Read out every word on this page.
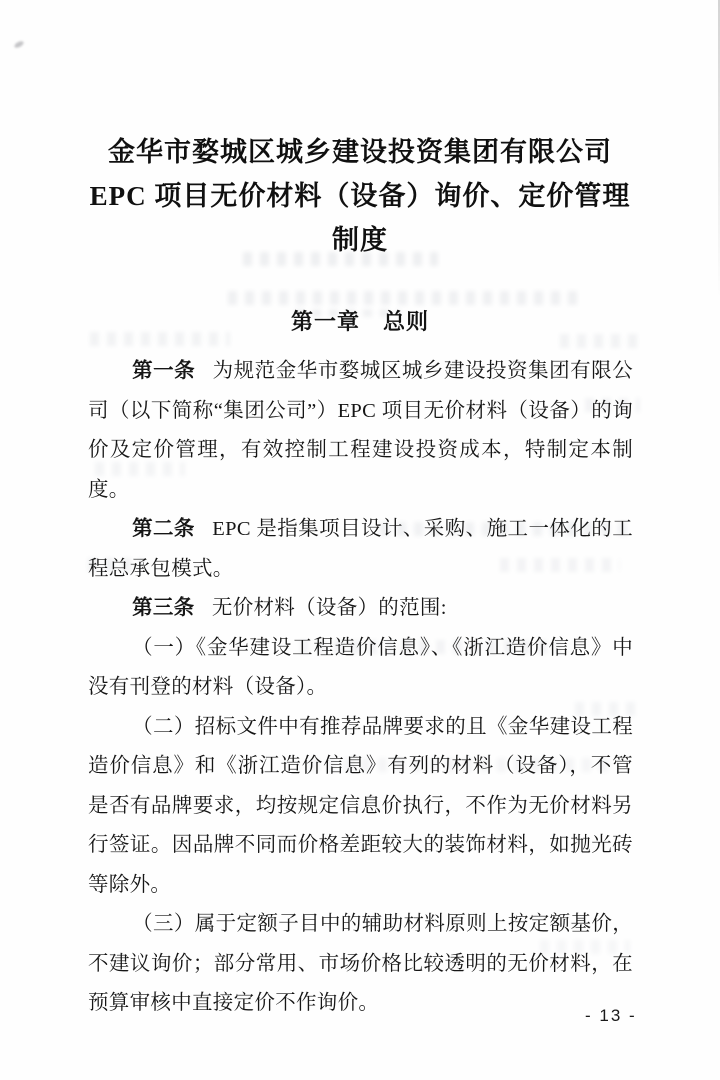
金华市婺城区城乡建设投资集团有限公司
EPC 项目无价材料（设备）询价、定价管理
制度
第一章　总则

第一条 为规范金华市婺城区城乡建设投资集团有限公司（以下简称“集团公司”）EPC 项目无价材料（设备）的询价及定价管理，有效控制工程建设投资成本，特制定本制度。

第二条 EPC 是指集项目设计、采购、施工一体化的工程总承包模式。

第三条 无价材料（设备）的范围:

（一）《金华建设工程造价信息》、《浙江造价信息》中没有刊登的材料（设备）。

（二）招标文件中有推荐品牌要求的且《金华建设工程造价信息》和《浙江造价信息》有列的材料（设备），不管是否有品牌要求，均按规定信息价执行，不作为无价材料另行签证。因品牌不同而价格差距较大的装饰材料，如抛光砖等除外。

（三）属于定额子目中的辅助材料原则上按定额基价，不建议询价；部分常用、市场价格比较透明的无价材料，在预算审核中直接定价不作询价。

- 13 -
